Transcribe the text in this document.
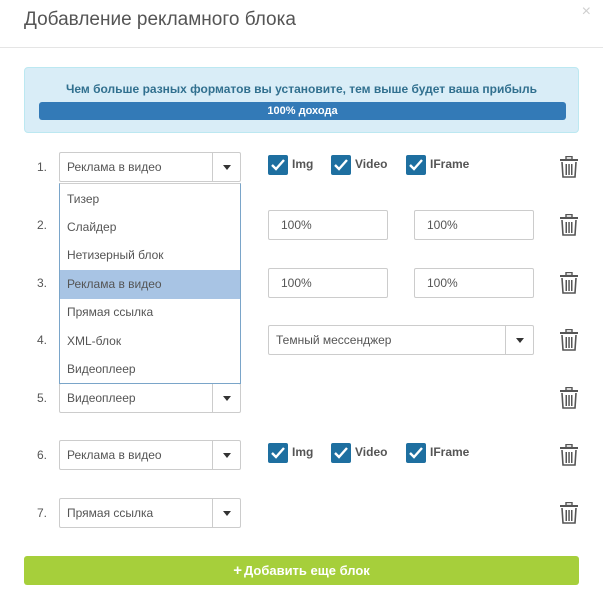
Добавление рекламного блока	×
Чем больше разных форматов вы установите, тем выше будет ваша прибыль
100% дохода
1. Реклама в видео	Img	Video	IFrame
2.	100%	100%
3.	100%	100%
4.	Темный мессенджер
5. Видеоплеер
6. Реклама в видео	Img	Video	IFrame
7. Прямая ссылка
Тизер
Слайдер
Нетизерный блок
Реклама в видео
Прямая ссылка
XML-блок
Видеоплеер
+ Добавить еще блок
